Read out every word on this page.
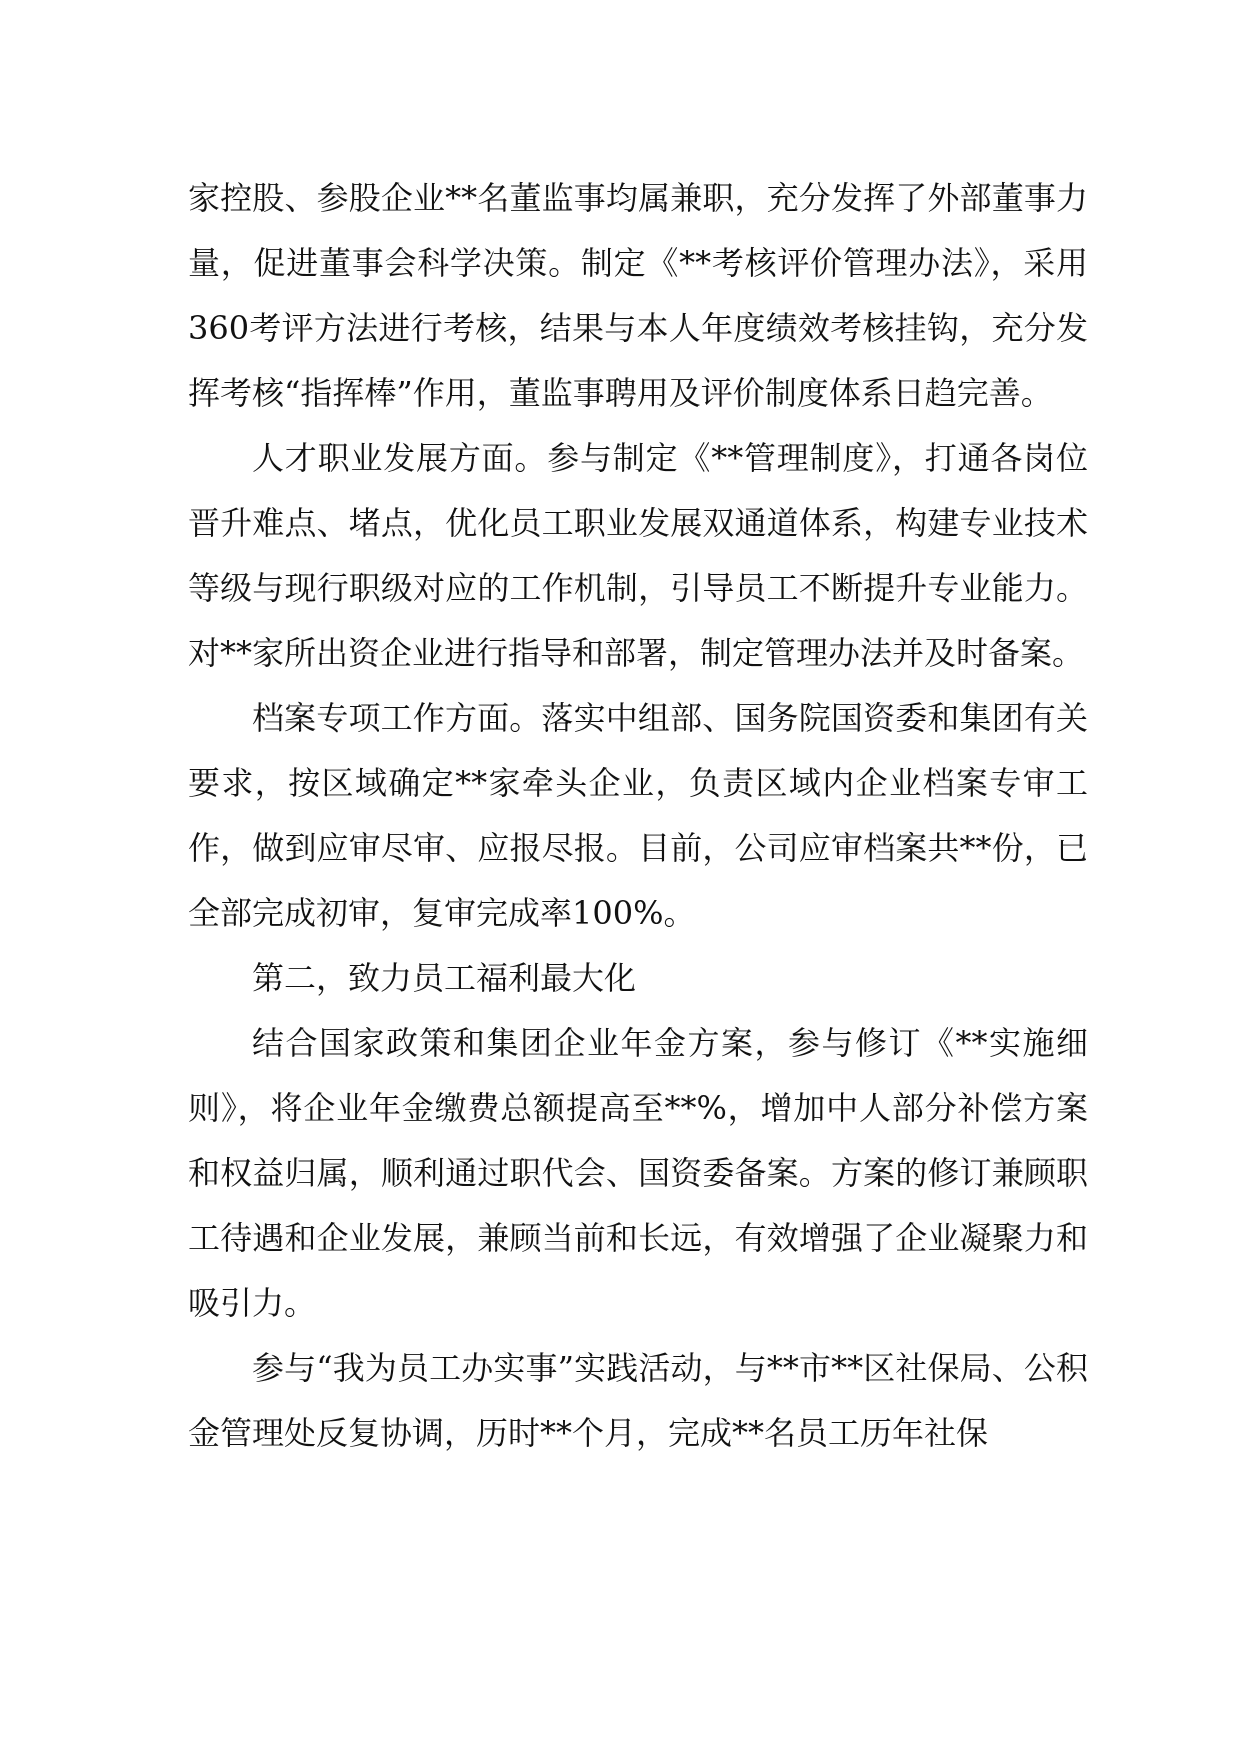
家控股、参股企业**名董监事均属兼职，充分发挥了外部董事力量，促进董事会科学决策。制定《**考核评价管理办法》，采用360考评方法进行考核，结果与本人年度绩效考核挂钩，充分发挥考核“指挥棒”作用，董监事聘用及评价制度体系日趋完善。

人才职业发展方面。参与制定《**管理制度》，打通各岗位晋升难点、堵点，优化员工职业发展双通道体系，构建专业技术等级与现行职级对应的工作机制，引导员工不断提升专业能力。对**家所出资企业进行指导和部署，制定管理办法并及时备案。

档案专项工作方面。落实中组部、国务院国资委和集团有关要求，按区域确定**家牵头企业，负责区域内企业档案专审工作，做到应审尽审、应报尽报。目前，公司应审档案共**份，已全部完成初审，复审完成率100%。

第二，致力员工福利最大化

结合国家政策和集团企业年金方案，参与修订《**实施细则》，将企业年金缴费总额提高至**%，增加中人部分补偿方案和权益归属，顺利通过职代会、国资委备案。方案的修订兼顾职工待遇和企业发展，兼顾当前和长远，有效增强了企业凝聚力和吸引力。

参与“我为员工办实事”实践活动，与**市**区社保局、公积金管理处反复协调，历时**个月，完成**名员工历年社保
